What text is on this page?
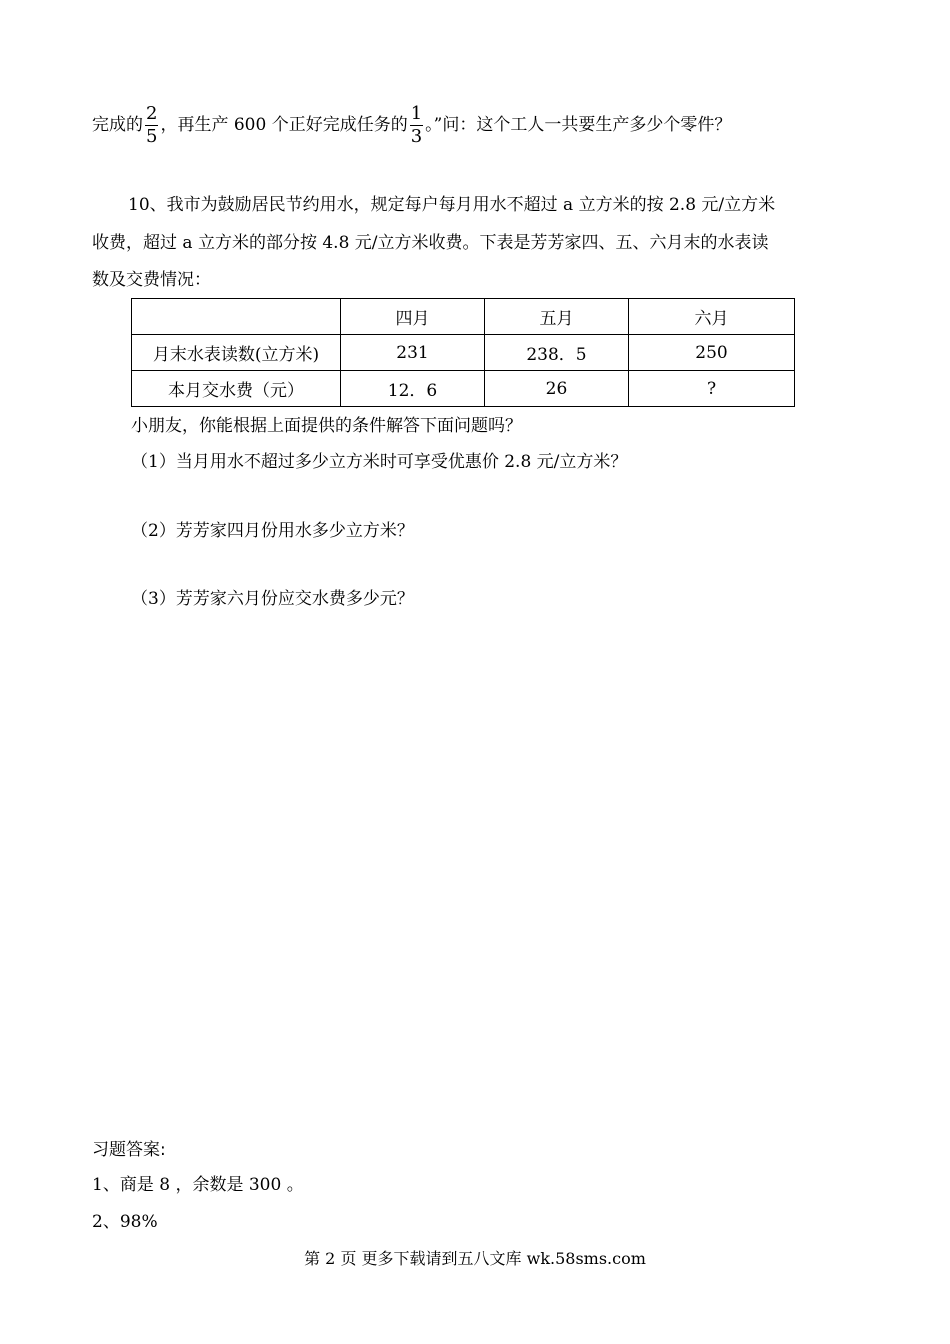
完成的 $\frac{2}{5}$ ，再生产 600 个正好完成任务的 $\frac{1}{3}$ 。”问：这个工人一共要生产多少个零件？
10、我市为鼓励居民节约用水，规定每户每月用水不超过 a 立方米的按 2.8 元/立方米
收费，超过 a 立方米的部分按 4.8 元/立方米收费。下表是芳芳家四、五、六月末的水表读
数及交费情况：
	四月	五月	六月
月末水表读数(立方米)	231	238．5	250
本月交水费（元）	12．6	26	?
小朋友，你能根据上面提供的条件解答下面问题吗？
（1）当月用水不超过多少立方米时可享受优惠价 2.8 元/立方米？
（2）芳芳家四月份用水多少立方米？
（3）芳芳家六月份应交水费多少元？
习题答案:
1、商是 8 ，余数是 300 。
2、98%
第 2 页 更多下载请到五八文库 wk.58sms.com
